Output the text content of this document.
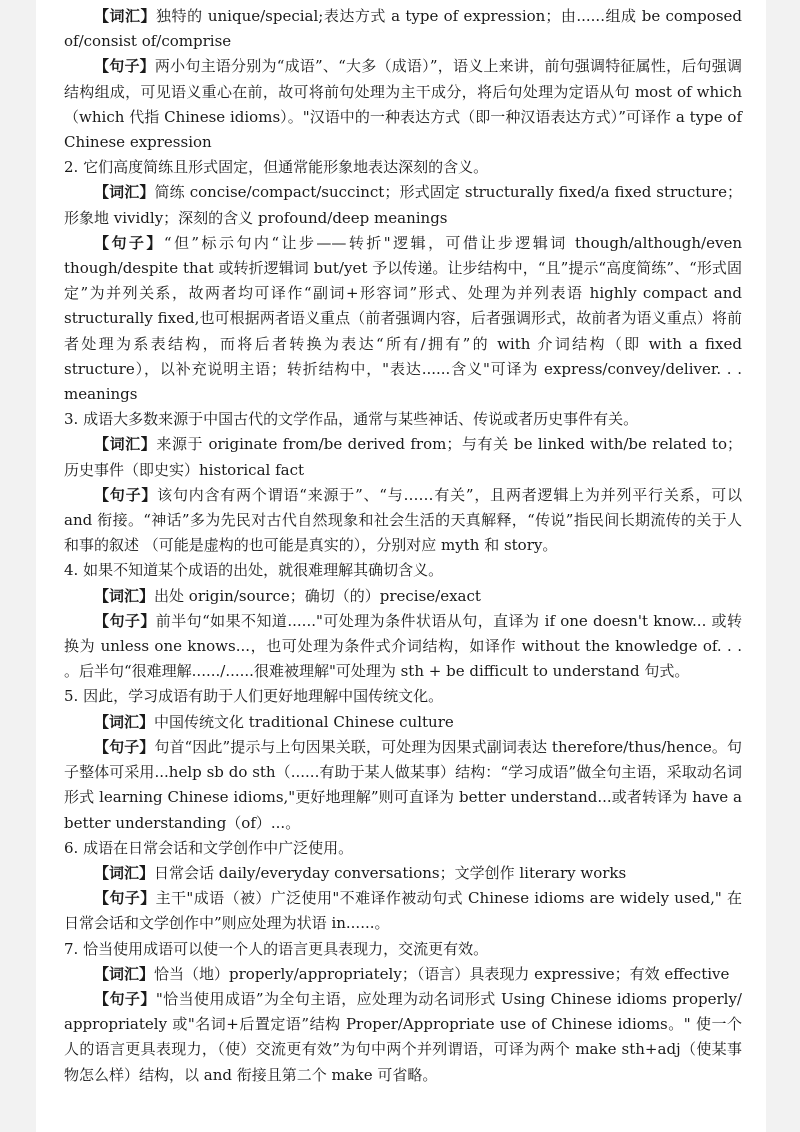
【词汇】独特的 unique/special;表达方式 a type of expression；由......组成 be composed of/consist of/comprise

【句子】两小句主语分别为“成语”、“大多（成语）”，语义上来讲，前句强调特征属性，后句强调结构组成，可见语义重心在前，故可将前句处理为主干成分，将后句处理为定语从句 most of which（which 代指 Chinese idioms）。"汉语中的一种表达方式（即一种汉语表达方式）”可译作 a type of Chinese expression

2. 它们高度简练且形式固定，但通常能形象地表达深刻的含义。

【词汇】简练 concise/compact/succinct；形式固定 structurally fixed/a fixed structure；形象地 vividly；深刻的含义 profound/deep meanings

【句子】“但”标示句内“让步——转折"逻辑，可借让步逻辑词 though/although/even though/despite that 或转折逻辑词 but/yet 予以传递。让步结构中，“且”提示“高度简练”、“形式固定”为并列关系，故两者均可译作“副词+形容词”形式、处理为并列表语 highly compact and structurally fixed,也可根据两者语义重点（前者强调内容，后者强调形式，故前者为语义重点）将前者处理为系表结构，而将后者转换为表达“所有/拥有”的 with 介词结构（即 with a fixed structure），以补充说明主语；转折结构中，"表达......含义"可译为 express/convey/deliver. . . meanings

3. 成语大多数来源于中国古代的文学作品，通常与某些神话、传说或者历史事件有关。

【词汇】来源于 originate from/be derived from；与有关 be linked with/be related to；历史事件（即史实）historical fact

【句子】该句内含有两个谓语“来源于”、“与……有关”，且两者逻辑上为并列平行关系，可以 and 衔接。“神话”多为先民对古代自然现象和社会生活的天真解释，“传说”指民间长期流传的关于人和事的叙述 （可能是虚构的也可能是真实的），分别对应 myth 和 story。

4. 如果不知道某个成语的出处，就很难理解其确切含义。

【词汇】出处 origin/source；确切（的）precise/exact

【句子】前半句“如果不知道......"可处理为条件状语从句，直译为 if one doesn't know... 或转换为 unless one knows...，也可处理为条件式介词结构，如译作 without the knowledge of. . . 。后半句“很难理解....../......很难被理解"可处理为 sth + be difficult to understand 句式。

5. 因此，学习成语有助于人们更好地理解中国传统文化。

【词汇】中国传统文化 traditional Chinese culture

【句子】句首“因此”提示与上句因果关联，可处理为因果式副词表达 therefore/thus/hence。句子整体可采用...help sb do sth（......有助于某人做某事）结构：“学习成语”做全句主语，采取动名词形式 learning Chinese idioms,"更好地理解”则可直译为 better understand...或者转译为 have a better understanding（of）...。

6. 成语在日常会话和文学创作中广泛使用。

【词汇】日常会话 daily/everyday conversations；文学创作 literary works

【句子】主干"成语（被）广泛使用"不难译作被动句式 Chinese idioms are widely used," 在日常会话和文学创作中”则应处理为状语 in......。

7. 恰当使用成语可以使一个人的语言更具表现力，交流更有效。

【词汇】恰当（地）properly/appropriately；（语言）具表现力 expressive；有效 effective

【句子】"恰当使用成语”为全句主语，应处理为动名词形式 Using Chinese idioms properly/ appropriately 或"名词+后置定语”结构 Proper/Appropriate use of Chinese idioms。" 使一个人的语言更具表现力，（使）交流更有效”为句中两个并列谓语，可译为两个 make sth+adj（使某事物怎么样）结构，以 and 衔接且第二个 make 可省略。
